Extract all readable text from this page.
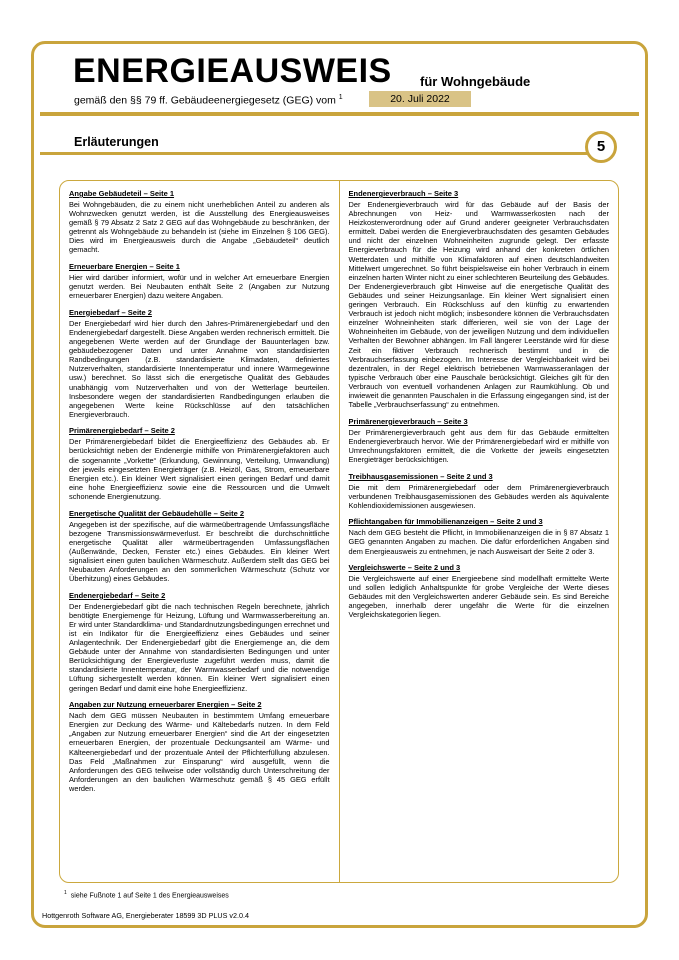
ENERGIEAUSWEIS für Wohngebäude
gemäß den §§ 79 ff. Gebäudeenergiegesetz (GEG) vom $^1$	20. Juli 2022
Erläuterungen	5
Angabe Gebäudeteil – Seite 1

Bei Wohngebäuden, die zu einem nicht unerheblichen Anteil zu anderen als Wohnzwecken genutzt werden, ist die Ausstellung des Energieausweises gemäß § 79 Absatz 2 Satz 2 GEG auf das Wohngebäude zu beschränken, der getrennt als Wohngebäude zu behandeln ist (siehe im Einzelnen § 106 GEG). Dies wird im Energieausweis durch die Angabe „Gebäudeteil“ deutlich gemacht.

Erneuerbare Energien – Seite 1

Hier wird darüber informiert, wofür und in welcher Art erneuerbare Energien genutzt werden. Bei Neubauten enthält Seite 2 (Angaben zur Nutzung erneuerbarer Energien) dazu weitere Angaben.

Energiebedarf – Seite 2

Der Energiebedarf wird hier durch den Jahres-Primärenergiebedarf und den Endenergiebedarf dargestellt. Diese Angaben werden rechnerisch ermittelt. Die angegebenen Werte werden auf der Grundlage der Bauunterlagen bzw. gebäudebezogener Daten und unter Annahme von standardisierten Randbedingungen (z.B. standardisierte Klimadaten, definiertes Nutzerverhalten, standardisierte Innentemperatur und innere Wärmegewinne usw.) berechnet. So lässt sich die energetische Qualität des Gebäudes unabhängig vom Nutzerverhalten und von der Wetterlage beurteilen. Insbesondere wegen der standardisierten Randbedingungen erlauben die angegebenen Werte keine Rückschlüsse auf den tatsächlichen Energieverbrauch.

Primärenergiebedarf – Seite 2

Der Primärenergiebedarf bildet die Energieeffizienz des Gebäudes ab. Er berücksichtigt neben der Endenergie mithilfe von Primärenergiefaktoren auch die sogenannte „Vorkette“ (Erkundung, Gewinnung, Verteilung, Umwandlung) der jeweils eingesetzten Energieträger (z.B. Heizöl, Gas, Strom, erneuerbare Energien etc.). Ein kleiner Wert signalisiert einen geringen Bedarf und damit eine hohe Energieeffizienz sowie eine die Ressourcen und die Umwelt schonende Energienutzung.

Energetische Qualität der Gebäudehülle – Seite 2

Angegeben ist der spezifische, auf die wärmeübertragende Umfassungsfläche bezogene Transmissionswärmeverlust. Er beschreibt die durchschnittliche energetische Qualität aller wärmeübertragenden Umfassungsflächen (Außenwände, Decken, Fenster etc.) eines Gebäudes. Ein kleiner Wert signalisiert einen guten baulichen Wärmeschutz. Außerdem stellt das GEG bei Neubauten Anforderungen an den sommerlichen Wärmeschutz (Schutz vor Überhitzung) eines Gebäudes.

Endenergiebedarf – Seite 2

Der Endenergiebedarf gibt die nach technischen Regeln berechnete, jährlich benötigte Energiemenge für Heizung, Lüftung und Warmwasserbereitung an. Er wird unter Standardklima- und Standardnutzungsbedingungen errechnet und ist ein Indikator für die Energieeffizienz eines Gebäudes und seiner Anlagentechnik. Der Endenergiebedarf gibt die Energiemenge an, die dem Gebäude unter der Annahme von standardisierten Bedingungen und unter Berücksichtigung der Energieverluste zugeführt werden muss, damit die standardisierte Innentemperatur, der Warmwasserbedarf und die notwendige Lüftung sichergestellt werden können. Ein kleiner Wert signalisiert einen geringen Bedarf und damit eine hohe Energieeffizienz.

Angaben zur Nutzung erneuerbarer Energien – Seite 2

Nach dem GEG müssen Neubauten in bestimmtem Umfang erneuerbare Energien zur Deckung des Wärme- und Kältebedarfs nutzen. In dem Feld „Angaben zur Nutzung erneuerbarer Energien“ sind die Art der eingesetzten erneuerbaren Energien, der prozentuale Deckungsanteil am Wärme- und Kälteenergiebedarf und der prozentuale Anteil der Pflichterfüllung abzulesen. Das Feld „Maßnahmen zur Einsparung“ wird ausgefüllt, wenn die Anforderungen des GEG teilweise oder vollständig durch Unterschreitung der Anforderungen an den baulichen Wärmeschutz gemäß § 45 GEG erfüllt werden.

Endenergieverbrauch – Seite 3

Der Endenergieverbrauch wird für das Gebäude auf der Basis der Abrechnungen von Heiz- und Warmwasserkosten nach der Heizkostenverordnung oder auf Grund anderer geeigneter Verbrauchsdaten ermittelt. Dabei werden die Energieverbrauchsdaten des gesamten Gebäudes und nicht der einzelnen Wohneinheiten zugrunde gelegt. Der erfasste Energieverbrauch für die Heizung wird anhand der konkreten örtlichen Wetterdaten und mithilfe von Klimafaktoren auf einen deutschlandweiten Mittelwert umgerechnet. So führt beispielsweise ein hoher Verbrauch in einem einzelnen harten Winter nicht zu einer schlechteren Beurteilung des Gebäudes. Der Endenergieverbrauch gibt Hinweise auf die energetische Qualität des Gebäudes und seiner Heizungsanlage. Ein kleiner Wert signalisiert einen geringen Verbrauch. Ein Rückschluss auf den künftig zu erwartenden Verbrauch ist jedoch nicht möglich; insbesondere können die Verbrauchsdaten einzelner Wohneinheiten stark differieren, weil sie von der Lage der Wohneinheiten im Gebäude, von der jeweiligen Nutzung und dem individuellen Verhalten der Bewohner abhängen. Im Fall längerer Leerstände wird für diese Zeit ein fiktiver Verbrauch rechnerisch bestimmt und in die Verbrauchserfassung einbezogen. Im Interesse der Vergleichbarkeit wird bei dezentralen, in der Regel elektrisch betriebenen Warmwasseranlagen der typische Verbrauch über eine Pauschale berücksichtigt. Gleiches gilt für den Verbrauch von eventuell vorhandenen Anlagen zur Raumkühlung. Ob und inwieweit die genannten Pauschalen in die Erfassung eingegangen sind, ist der Tabelle „Verbrauchserfassung“ zu entnehmen.

Primärenergieverbrauch – Seite 3

Der Primärenergieverbrauch geht aus dem für das Gebäude ermittelten Endenergieverbrauch hervor. Wie der Primärenergiebedarf wird er mithilfe von Umrechnungsfaktoren ermittelt, die die Vorkette der jeweils eingesetzten Energieträger berücksichtigen.

Treibhausgasemissionen – Seite 2 und 3

Die mit dem Primärenergiebedarf oder dem Primärenergieverbrauch verbundenen Treibhausgasemissionen des Gebäudes werden als äquivalente Kohlendioxidemissionen ausgewiesen.

Pflichtangaben für Immobilienanzeigen – Seite 2 und 3

Nach dem GEG besteht die Pflicht, in Immobilienanzeigen die in § 87 Absatz 1 GEG genannten Angaben zu machen. Die dafür erforderlichen Angaben sind dem Energieausweis zu entnehmen, je nach Ausweisart der Seite 2 oder 3.

Vergleichswerte – Seite 2 und 3

Die Vergleichswerte auf einer Energieebene sind modellhaft ermittelte Werte und sollen lediglich Anhaltspunkte für grobe Vergleiche der Werte dieses Gebäudes mit den Vergleichswerten anderer Gebäude sein. Es sind Bereiche angegeben, innerhalb derer ungefähr die Werte für die einzelnen Vergleichskategorien liegen.

$^1$ siehe Fußnote 1 auf Seite 1 des Energieausweises
Hottgenroth Software AG, Energieberater 18599 3D PLUS v2.0.4
